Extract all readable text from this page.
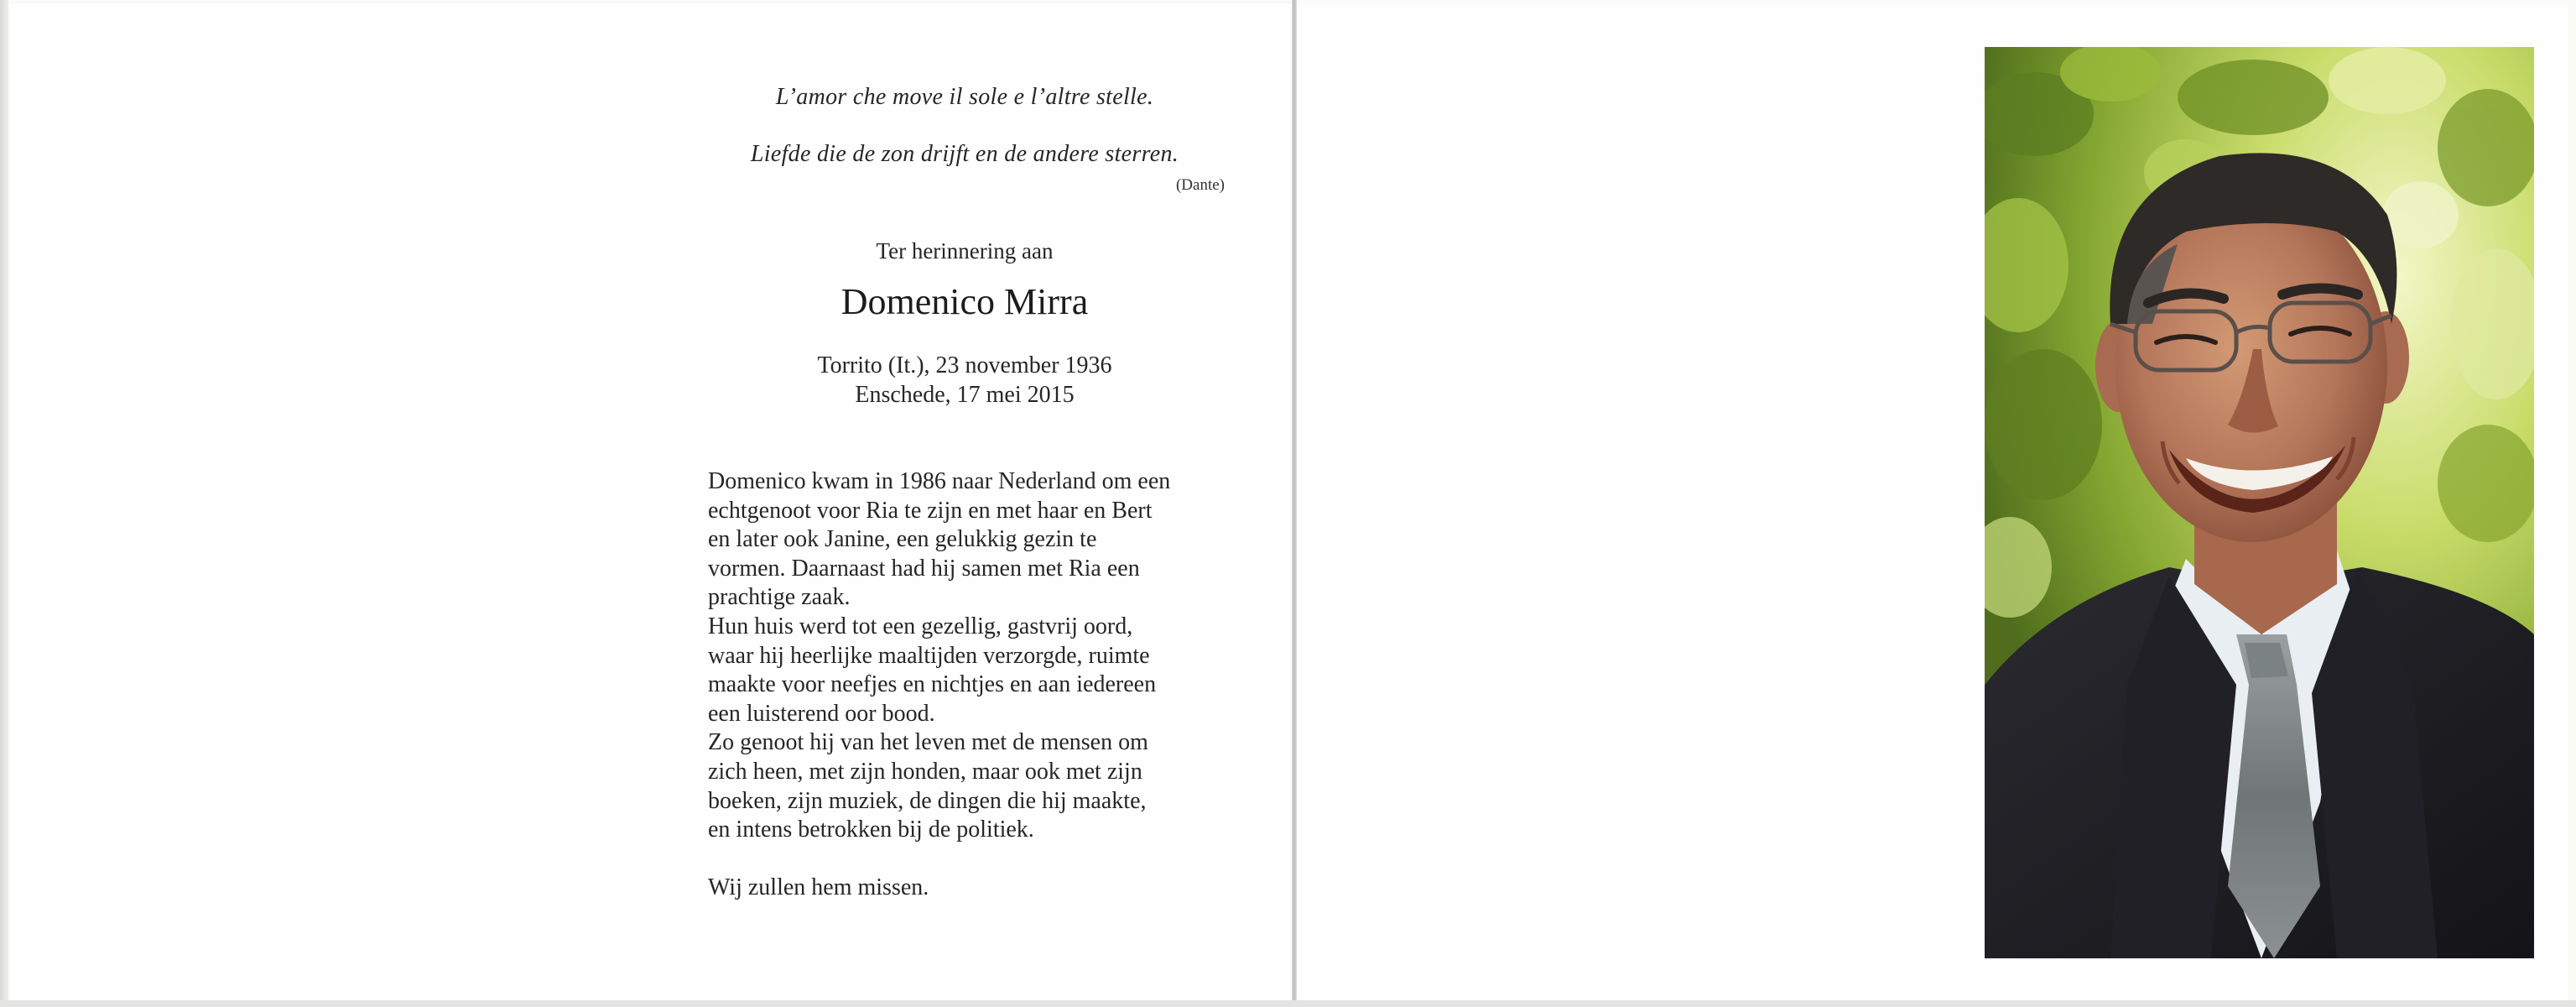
L’amor che move il sole e l’altre stelle.
Liefde die de zon drijft en de andere sterren.
(Dante)
Ter herinnering aan
Domenico Mirra
Torrito (It.), 23 november 1936
Enschede, 17 mei 2015
Domenico kwam in 1986 naar Nederland om een
echtgenoot voor Ria te zijn en met haar en Bert
en later ook Janine, een gelukkig gezin te
vormen. Daarnaast had hij samen met Ria een
prachtige zaak.
Hun huis werd tot een gezellig, gastvrij oord,
waar hij heerlijke maaltijden verzorgde, ruimte
maakte voor neefjes en nichtjes en aan iedereen
een luisterend oor bood.
Zo genoot hij van het leven met de mensen om
zich heen, met zijn honden, maar ook met zijn
boeken, zijn muziek, de dingen die hij maakte,
en intens betrokken bij de politiek.
Wij zullen hem missen.
